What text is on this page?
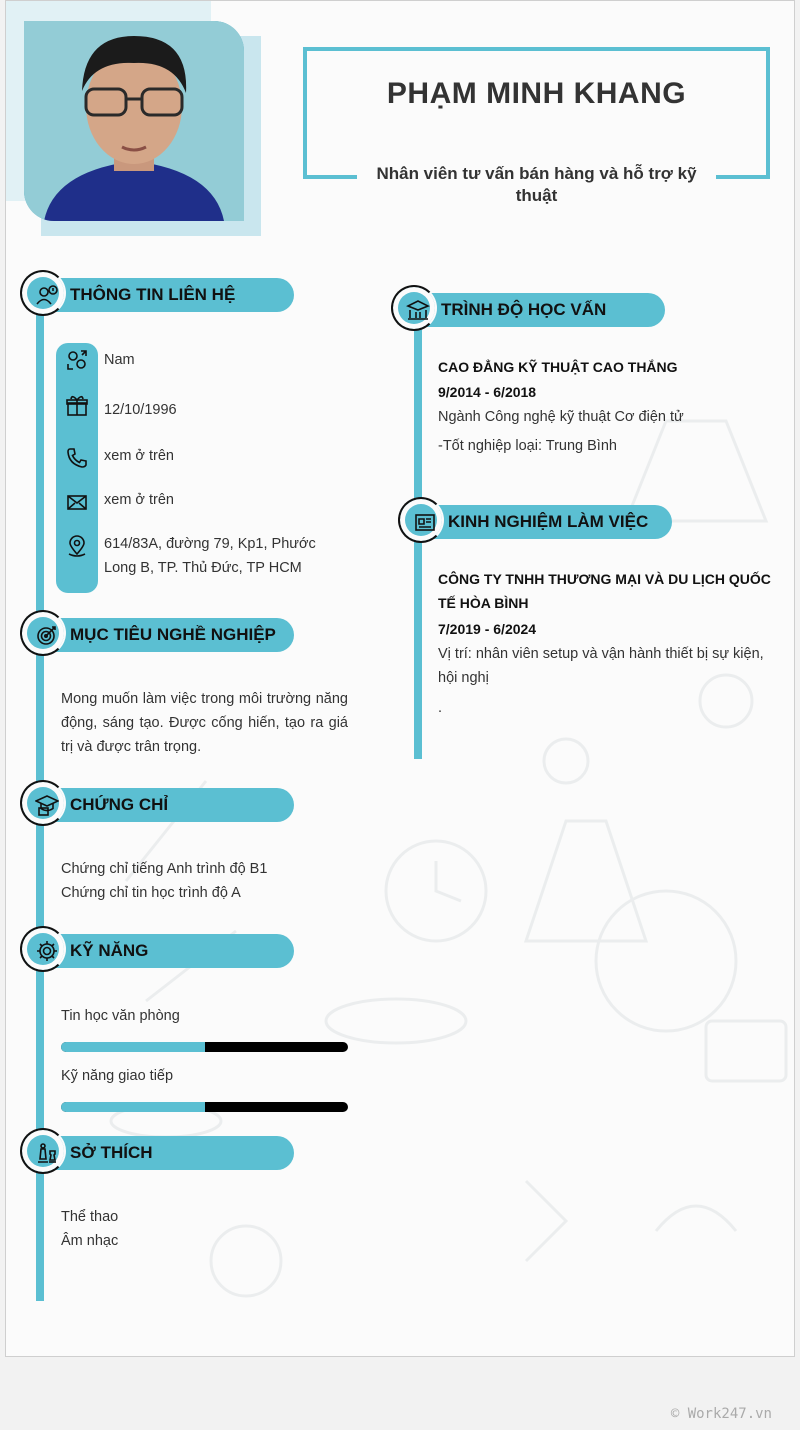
PHẠM MINH KHANG
Nhân viên tư vấn bán hàng và hỗ trợ kỹ thuật
THÔNG TIN LIÊN HỆ
Nam
12/10/1996
xem ở trên
xem ở trên
614/83A, đường 79, Kp1, Phước Long B, TP. Thủ Đức, TP HCM
MỤC TIÊU NGHỀ NGHIỆP
Mong muốn làm việc trong môi trường năng động, sáng tạo. Được cống hiến, tạo ra giá trị và được trân trọng.
CHỨNG CHỈ
Chứng chỉ tiếng Anh trình độ B1
Chứng chỉ tin học trình độ A
KỸ NĂNG
Tin học văn phòng
Kỹ năng giao tiếp
SỞ THÍCH
Thể thao
Âm nhạc
TRÌNH ĐỘ HỌC VẤN
CAO ĐẲNG KỸ THUẬT CAO THẮNG
9/2014 - 6/2018
Ngành Công nghệ kỹ thuật Cơ điện tử
-Tốt nghiệp loại: Trung Bình
KINH NGHIỆM LÀM VIỆC
CÔNG TY TNHH THƯƠNG MẠI VÀ DU LỊCH QUỐC TẾ HÒA BÌNH
7/2019 - 6/2024
Vị trí: nhân viên setup và vận hành thiết bị sự kiện, hội nghị
.
© Work247.vn
